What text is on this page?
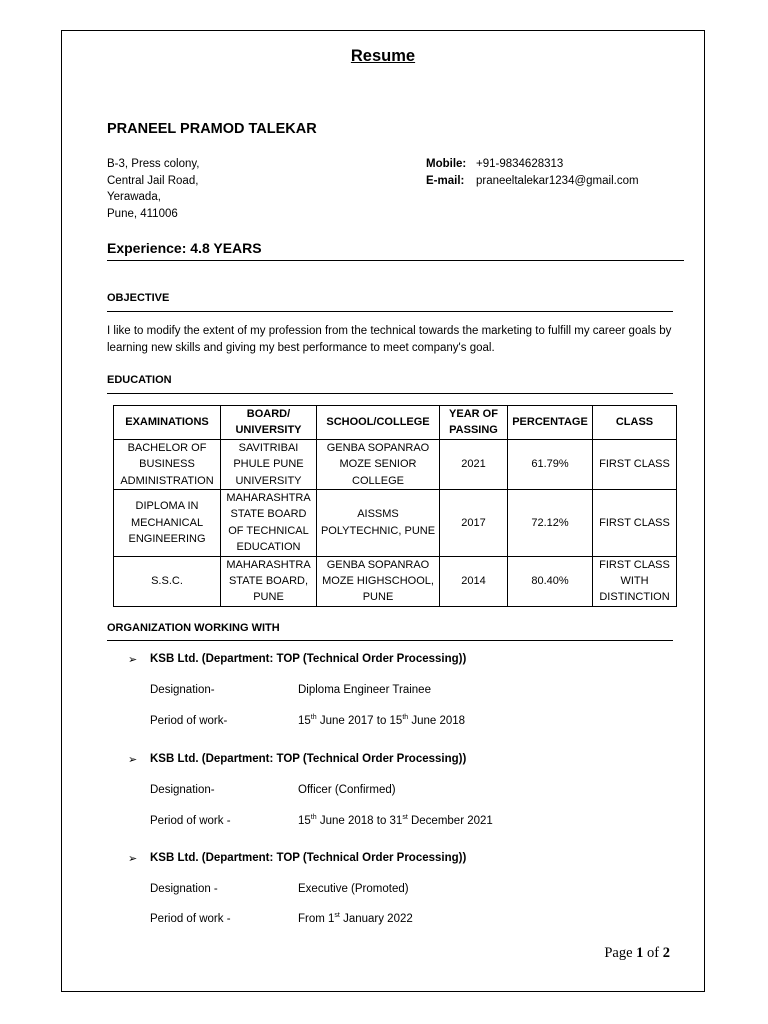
Resume
PRANEEL PRAMOD TALEKAR
B-3, Press colony,
Central Jail Road,
Yerawada,
Pune, 411006
Mobile: +91-9834628313
E-mail: praneeltalekar1234@gmail.com
Experience: 4.8 YEARS
OBJECTIVE
I like to modify the extent of my profession from the technical towards the marketing to fulfill my career goals by learning new skills and giving my best performance to meet company's goal.
EDUCATION
EXAMINATIONS	BOARD/ UNIVERSITY	SCHOOL/COLLEGE	YEAR OF PASSING	PERCENTAGE	CLASS
BACHELOR OF BUSINESS ADMINISTRATION	SAVITRIBAI PHULE PUNE UNIVERSITY	GENBA SOPANRAO MOZE SENIOR COLLEGE	2021	61.79%	FIRST CLASS
DIPLOMA IN MECHANICAL ENGINEERING	MAHARASHTRA STATE BOARD OF TECHNICAL EDUCATION	AISSMS POLYTECHNIC, PUNE	2017	72.12%	FIRST CLASS
S.S.C.	MAHARASHTRA STATE BOARD, PUNE	GENBA SOPANRAO MOZE HIGHSCHOOL, PUNE	2014	80.40%	FIRST CLASS WITH DISTINCTION
ORGANIZATION WORKING WITH
➢ KSB Ltd. (Department: TOP (Technical Order Processing))
Designation-	Diploma Engineer Trainee
Period of work-	15th June 2017 to 15th June 2018
➢ KSB Ltd. (Department: TOP (Technical Order Processing))
Designation-	Officer (Confirmed)
Period of work -	15th June 2018 to 31st December 2021
➢ KSB Ltd. (Department: TOP (Technical Order Processing))
Designation -	Executive (Promoted)
Period of work -	From 1st January 2022
Page 1 of 2
